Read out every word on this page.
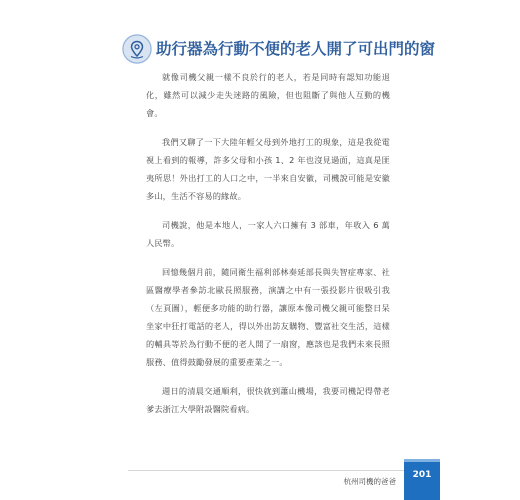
助行器為行動不便的老人開了可出門的窗

就像司機父親一樣不良於行的老人，若是同時有認知功能退化，雖然可以減少走失迷路的風險，但也阻斷了與他人互動的機會。

我們又聊了一下大陸年輕父母到外地打工的現象，這是我從電視上看到的報導，許多父母和小孩 1、2 年也沒見過面，這真是匪夷所思！外出打工的人口之中，一半來自安徽，司機說可能是安徽多山，生活不容易的緣故。

司機說，他是本地人，一家人六口擁有 3 部車，年收入 6 萬人民幣。

回憶幾個月前，隨同衛生福利部林奏延部長與失智症專家、社區醫療學者參訪北歐長照服務，演講之中有一張投影片很吸引我（左頁圖），輕便多功能的助行器，讓原本像司機父親可能整日呆坐家中狂打電話的老人，得以外出訪友購物、豐富社交生活，這樣的輔具等於為行動不便的老人開了一扇窗，應該也是我們未來長照服務、值得鼓勵發展的重要產業之一。

週日的清晨交通順利，很快就到蕭山機場，我要司機記得帶老爹去浙江大學附設醫院看病。

杭州司機的爸爸
201
